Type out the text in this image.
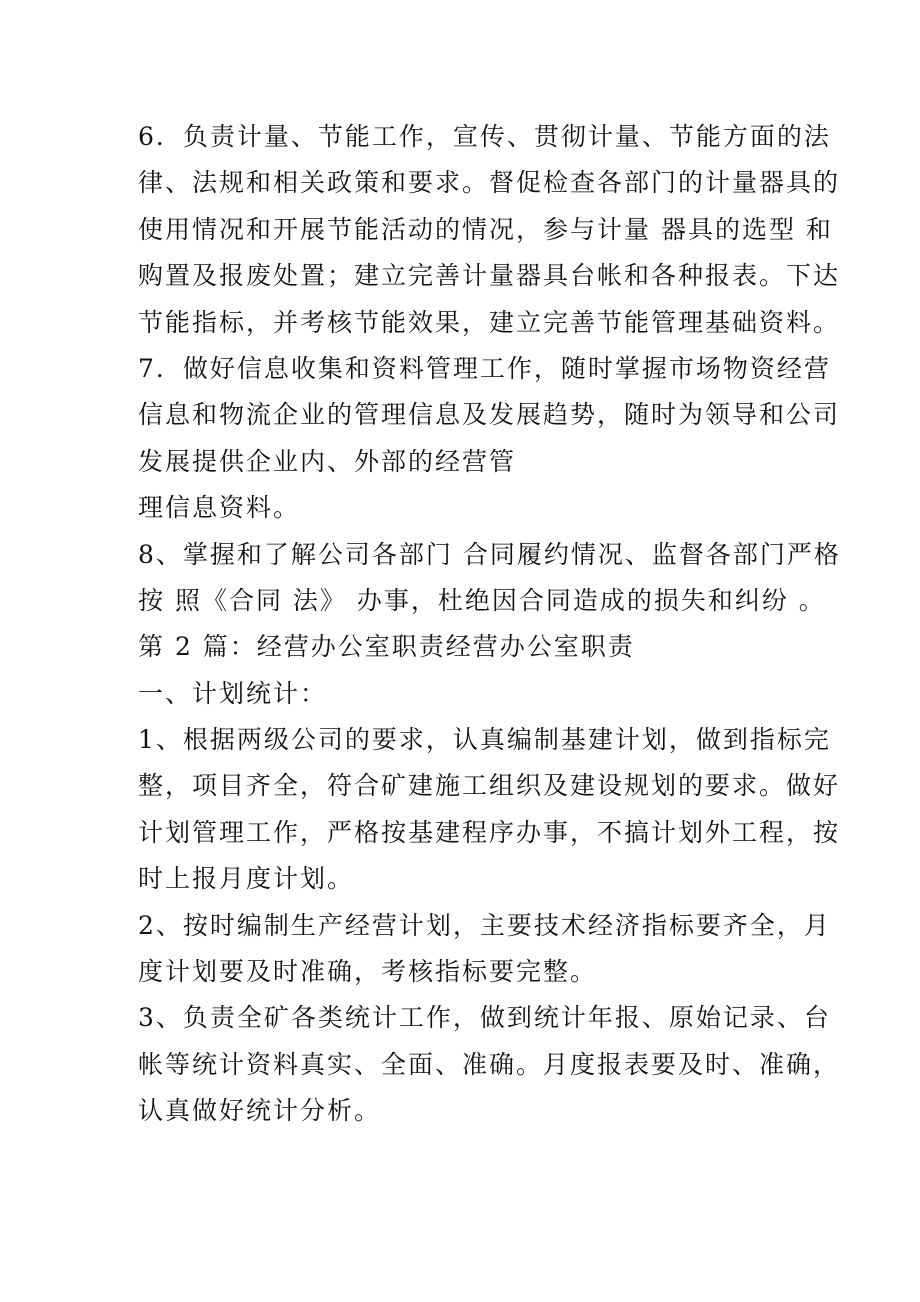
6．负责计量、节能工作，宣传、贯彻计量、节能方面的法
律、法规和相关政策和要求。督促检查各部门的计量器具的
使用情况和开展节能活动的情况，参与计量 器具的选型 和
购置及报废处置；建立完善计量器具台帐和各种报表。下达
节能指标，并考核节能效果，建立完善节能管理基础资料。
7．做好信息收集和资料管理工作，随时掌握市场物资经营
信息和物流企业的管理信息及发展趋势，随时为领导和公司
发展提供企业内、外部的经营管
理信息资料。
8、掌握和了解公司各部门 合同履约情况、监督各部门严格
按 照《合同 法》 办事，杜绝因合同造成的损失和纠纷 。
第 2 篇：经营办公室职责经营办公室职责
一、计划统计：
1、根据两级公司的要求，认真编制基建计划，做到指标完
整，项目齐全，符合矿建施工组织及建设规划的要求。做好
计划管理工作，严格按基建程序办事，不搞计划外工程，按
时上报月度计划。
2、按时编制生产经营计划，主要技术经济指标要齐全，月
度计划要及时准确，考核指标要完整。
3、负责全矿各类统计工作，做到统计年报、原始记录、台
帐等统计资料真实、全面、准确。月度报表要及时、准确，
认真做好统计分析。
